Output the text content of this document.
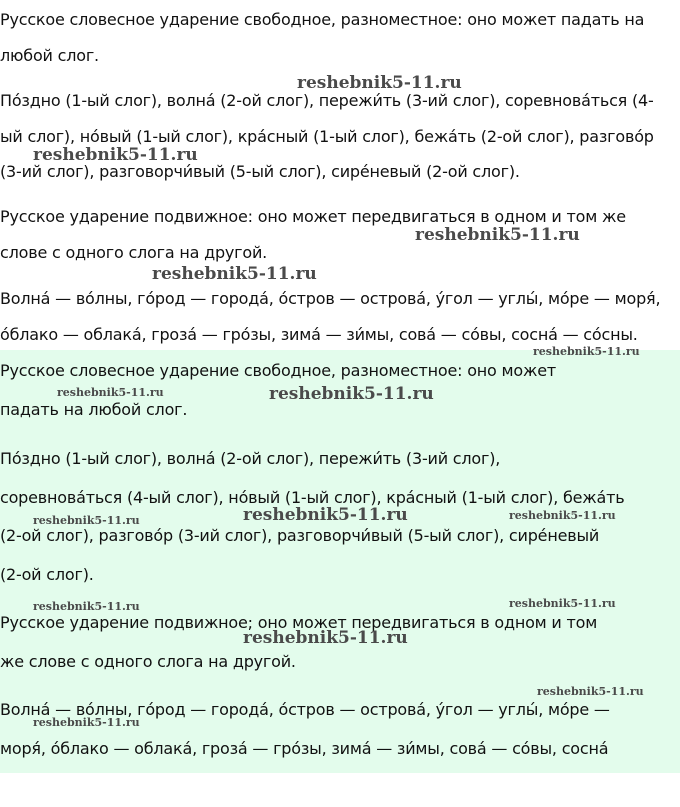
Русское словесное ударение свободное, разноместное: оно может падать на
любой слог.
По́здно (1-ый слог), волна́ (2-ой слог), пережи́ть (3-ий слог), соревнова́ться (4-
ый слог), но́вый (1-ый слог), кра́сный (1-ый слог), бежа́ть (2-ой слог), разгово́р
(3-ий слог), разговорчи́вый (5-ый слог), сире́невый (2-ой слог).
Русское ударение подвижное: оно может передвигаться в одном и том же
слове с одного слога на другой.
Волна́ — во́лны, го́род — города́, о́стров — острова́, у́гол — углы́, мо́ре — моря́,
о́блако — облака́, гроза́ — гро́зы, зима́ — зи́мы, сова́ — со́вы, сосна́ — со́сны.
Русское словесное ударение свободное, разноместное: оно может
падать на любой слог.
По́здно (1-ый слог), волна́ (2-ой слог), пережи́ть (3-ий слог),
соревнова́ться (4-ый слог), но́вый (1-ый слог), кра́сный (1-ый слог), бежа́ть
(2-ой слог), разгово́р (3-ий слог), разговорчи́вый (5-ый слог), сире́невый
(2-ой слог).
Русское ударение подвижное; оно может передвигаться в одном и том
же слове с одного слога на другой.
Волна́ — во́лны, го́род — города́, о́стров — острова́, у́гол — углы́, мо́ре —
моря́, о́блако — облака́, гроза́ — гро́зы, зима́ — зи́мы, сова́ — со́вы, сосна́
reshebnik5-11.ru
reshebnik5-11.ru
reshebnik5-11.ru
reshebnik5-11.ru
reshebnik5-11.ru
reshebnik5-11.ru	reshebnik5-11.ru
reshebnik5-11.ru	reshebnik5-11.ru	reshebnik5-11.ru
reshebnik5-11.ru	reshebnik5-11.ru
reshebnik5-11.ru
reshebnik5-11.ru
reshebnik5-11.ru
